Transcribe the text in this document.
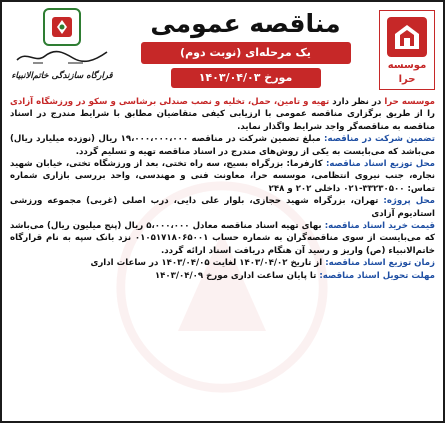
موسسه حرا
مناقصه عمومی
یک مرحله‌ای (نوبت دوم)
مورخ ۱۴۰۳/۰۴/۰۳
قرارگاه سازندگی خاتم‌الانبیاء

موسسه حرا در نظر دارد تهیه و تامین، حمل، تخلیه و نصب صندلی برشاسی و سکو در ورزشگاه آزادی را از طریق برگزاری مناقصه عمومی با ارزیابی کیفی متقاضیان مطابق با شرایط مندرج در اسناد مناقصه به مناقصه‌گر واجد شرایط واگذار نماید.

تضمین شرکت در مناقصه: مبلغ تضمین شرکت در مناقصه ۱۹،۰۰۰،۰۰۰،۰۰۰ ریال (نوزده میلیارد ریال) می‌باشد که می‌بایست به یکی از روش‌های مندرج در اسناد مناقصه تهیه و تسلیم گردد.

محل توزیع اسناد مناقصه: کارفرما: بزرگراه بسیج، سه راه تختی، بعد از ورزشگاه تختی، خیابان شهید نجاره، جنب نیروی انتظامی، موسسه حرا، معاونت فنی و مهندسی، واحد بررسی بازاری شماره تماس: ۳۳۲۳۰۵۰۰-۰۲۱ داخلی ۲۰۲ و ۲۴۸

محل پروژه: تهران، بزرگراه شهید حجازی، بلوار علی دایی، درب اصلی (غربی) مجموعه ورزشی استادیوم آزادی

قیمت خرید اسناد مناقصه: بهای تهیه اسناد مناقصه معادل ۵،۰۰۰،۰۰۰ ریال (پنج میلیون ریال) می‌باشد که می‌بایست از سوی مناقصه‌گران به شماره حساب ۰۱۰۵۱۷۱۸۰۶۵۰۰۱ نزد بانک سپه به نام قرارگاه خاتم‌الانبیاء (ص) واریز و رسید آن هنگام دریافت اسناد ارائه گردد.

زمان توزیع اسناد مناقصه: از تاریخ ۱۴۰۳/۰۴/۰۲ لغایت ۱۴۰۳/۰۴/۰۵ در ساعات اداری

مهلت تحویل اسناد مناقصه: تا پایان ساعت اداری مورخ ۱۴۰۳/۰۴/۰۹
